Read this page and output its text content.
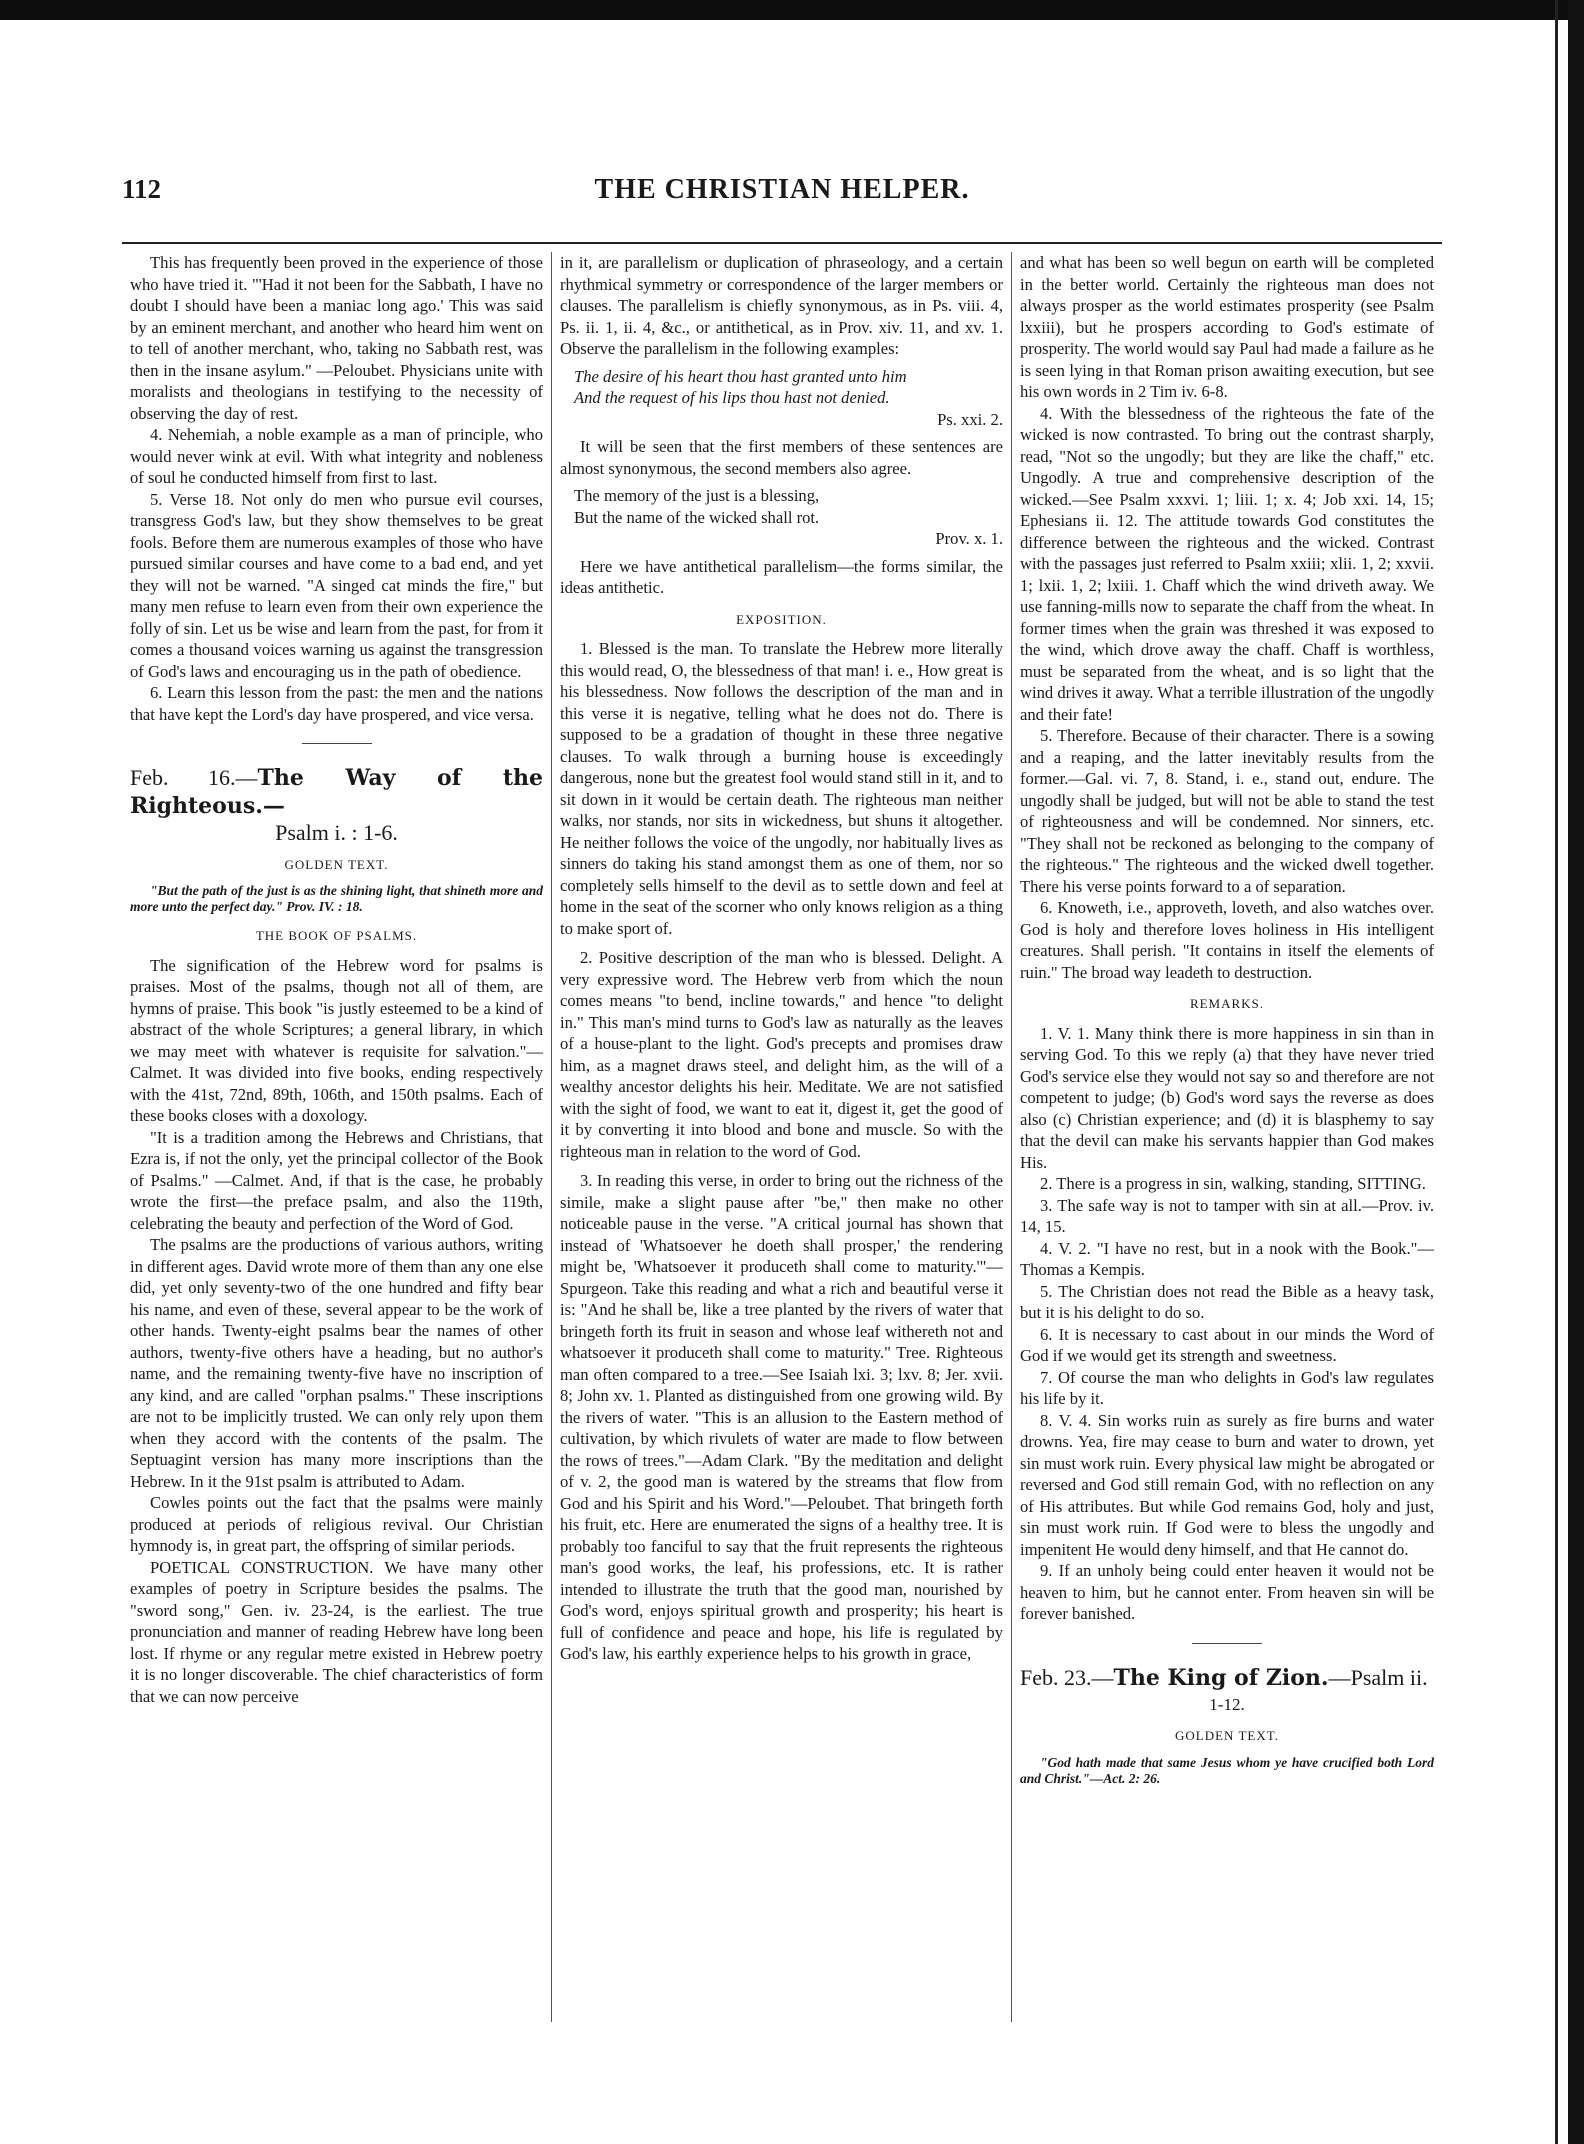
112	THE CHRISTIAN HELPER.

This has frequently been proved in the experience of those who have tried it. "'Had it not been for the Sabbath, I have no doubt I should have been a maniac long ago.' This was said by an eminent merchant, and another who heard him went on to tell of another merchant, who, taking no Sabbath rest, was then in the insane asylum." —Peloubet. Physicians unite with moralists and theologians in testifying to the necessity of observing the day of rest.

4. Nehemiah, a noble example as a man of principle, who would never wink at evil. With what integrity and nobleness of soul he conducted himself from first to last.

5. Verse 18. Not only do men who pursue evil courses, transgress God's law, but they show themselves to be great fools. Before them are numerous examples of those who have pursued similar courses and have come to a bad end, and yet they will not be warned. "A singed cat minds the fire," but many men refuse to learn even from their own experience the folly of sin. Let us be wise and learn from the past, for from it comes a thousand voices warning us against the transgression of God's laws and encouraging us in the path of obedience.

6. Learn this lesson from the past: the men and the nations that have kept the Lord's day have prospered, and vice versa.

Feb. 16.—The Way of the Righteous.—

Psalm i. : 1-6.
GOLDEN TEXT.

"But the path of the just is as the shining light, that shineth more and more unto the perfect day." Prov. IV. : 18.

THE BOOK OF PSALMS.

The signification of the Hebrew word for psalms is praises. Most of the psalms, though not all of them, are hymns of praise. This book "is justly esteemed to be a kind of abstract of the whole Scriptures; a general library, in which we may meet with whatever is requisite for salvation."—Calmet. It was divided into five books, ending respectively with the 41st, 72nd, 89th, 106th, and 150th psalms. Each of these books closes with a doxology.

"It is a tradition among the Hebrews and Christians, that Ezra is, if not the only, yet the principal collector of the Book of Psalms." —Calmet. And, if that is the case, he probably wrote the first—the preface psalm, and also the 119th, celebrating the beauty and perfection of the Word of God.

The psalms are the productions of various authors, writing in different ages. David wrote more of them than any one else did, yet only seventy-two of the one hundred and fifty bear his name, and even of these, several appear to be the work of other hands. Twenty-eight psalms bear the names of other authors, twenty-five others have a heading, but no author's name, and the remaining twenty-five have no inscription of any kind, and are called "orphan psalms." These inscriptions are not to be implicitly trusted. We can only rely upon them when they accord with the contents of the psalm. The Septuagint version has many more inscriptions than the Hebrew. In it the 91st psalm is attributed to Adam.

Cowles points out the fact that the psalms were mainly produced at periods of religious revival. Our Christian hymnody is, in great part, the offspring of similar periods.

POETICAL CONSTRUCTION. We have many other examples of poetry in Scripture besides the psalms. The "sword song," Gen. iv. 23-24, is the earliest. The true pronunciation and manner of reading Hebrew have long been lost. If rhyme or any regular metre existed in Hebrew poetry it is no longer discoverable. The chief characteristics of form that we can now perceive

in it, are parallelism or duplication of phraseology, and a certain rhythmical symmetry or correspondence of the larger members or clauses. The parallelism is chiefly synonymous, as in Ps. viii. 4, Ps. ii. 1, ii. 4, &c., or antithetical, as in Prov. xiv. 11, and xv. 1. Observe the parallelism in the following examples:

The desire of his heart thou hast granted unto him
And the request of his lips thou hast not denied.
Ps. xxi. 2.

It will be seen that the first members of these sentences are almost synonymous, the second members also agree.

The memory of the just is a blessing,
But the name of the wicked shall rot.
Prov. x. 1.

Here we have antithetical parallelism—the forms similar, the ideas antithetic.

EXPOSITION.

1. Blessed is the man. To translate the Hebrew more literally this would read, O, the blessedness of that man! i. e., How great is his blessedness. Now follows the description of the man and in this verse it is negative, telling what he does not do. There is supposed to be a gradation of thought in these three negative clauses. To walk through a burning house is exceedingly dangerous, none but the greatest fool would stand still in it, and to sit down in it would be certain death. The righteous man neither walks, nor stands, nor sits in wickedness, but shuns it altogether. He neither follows the voice of the ungodly, nor habitually lives as sinners do taking his stand amongst them as one of them, nor so completely sells himself to the devil as to settle down and feel at home in the seat of the scorner who only knows religion as a thing to make sport of.

2. Positive description of the man who is blessed. Delight. A very expressive word. The Hebrew verb from which the noun comes means "to bend, incline towards," and hence "to delight in." This man's mind turns to God's law as naturally as the leaves of a house-plant to the light. God's precepts and promises draw him, as a magnet draws steel, and delight him, as the will of a wealthy ancestor delights his heir. Meditate. We are not satisfied with the sight of food, we want to eat it, digest it, get the good of it by converting it into blood and bone and muscle. So with the righteous man in relation to the word of God.

3. In reading this verse, in order to bring out the richness of the simile, make a slight pause after "be," then make no other noticeable pause in the verse. "A critical journal has shown that instead of 'Whatsoever he doeth shall prosper,' the rendering might be, 'Whatsoever it produceth shall come to maturity.'"—Spurgeon. Take this reading and what a rich and beautiful verse it is: "And he shall be, like a tree planted by the rivers of water that bringeth forth its fruit in season and whose leaf withereth not and whatsoever it produceth shall come to maturity." Tree. Righteous man often compared to a tree.—See Isaiah lxi. 3; lxv. 8; Jer. xvii. 8; John xv. 1. Planted as distinguished from one growing wild. By the rivers of water. "This is an allusion to the Eastern method of cultivation, by which rivulets of water are made to flow between the rows of trees."—Adam Clark. "By the meditation and delight of v. 2, the good man is watered by the streams that flow from God and his Spirit and his Word."—Peloubet. That bringeth forth his fruit, etc. Here are enumerated the signs of a healthy tree. It is probably too fanciful to say that the fruit represents the righteous man's good works, the leaf, his professions, etc. It is rather intended to illustrate the truth that the good man, nourished by God's word, enjoys spiritual growth and prosperity; his heart is full of confidence and peace and hope, his life is regulated by God's law, his earthly experience helps to his growth in grace,

and what has been so well begun on earth will be completed in the better world. Certainly the righteous man does not always prosper as the world estimates prosperity (see Psalm lxxiii), but he prospers according to God's estimate of prosperity. The world would say Paul had made a failure as he is seen lying in that Roman prison awaiting execution, but see his own words in 2 Tim iv. 6-8.

4. With the blessedness of the righteous the fate of the wicked is now contrasted. To bring out the contrast sharply, read, "Not so the ungodly; but they are like the chaff," etc. Ungodly. A true and comprehensive description of the wicked.—See Psalm xxxvi. 1; liii. 1; x. 4; Job xxi. 14, 15; Ephesians ii. 12. The attitude towards God constitutes the difference between the righteous and the wicked. Contrast with the passages just referred to Psalm xxiii; xlii. 1, 2; xxvii. 1; lxii. 1, 2; lxiii. 1. Chaff which the wind driveth away. We use fanning-mills now to separate the chaff from the wheat. In former times when the grain was threshed it was exposed to the wind, which drove away the chaff. Chaff is worthless, must be separated from the wheat, and is so light that the wind drives it away. What a terrible illustration of the ungodly and their fate!

5. Therefore. Because of their character. There is a sowing and a reaping, and the latter inevitably results from the former.—Gal. vi. 7, 8. Stand, i. e., stand out, endure. The ungodly shall be judged, but will not be able to stand the test of righteousness and will be condemned. Nor sinners, etc. "They shall not be reckoned as belonging to the company of the righteous." The righteous and the wicked dwell together. There his verse points forward to a of separation.

6. Knoweth, i.e., approveth, loveth, and also watches over. God is holy and therefore loves holiness in His intelligent creatures. Shall perish. "It contains in itself the elements of ruin." The broad way leadeth to destruction.

REMARKS.

1. V. 1. Many think there is more happiness in sin than in serving God. To this we reply (a) that they have never tried God's service else they would not say so and therefore are not competent to judge; (b) God's word says the reverse as does also (c) Christian experience; and (d) it is blasphemy to say that the devil can make his servants happier than God makes His.

2. There is a progress in sin, walking, standing, SITTING.

3. The safe way is not to tamper with sin at all.—Prov. iv. 14, 15.

4. V. 2. "I have no rest, but in a nook with the Book."—Thomas a Kempis.

5. The Christian does not read the Bible as a heavy task, but it is his delight to do so.

6. It is necessary to cast about in our minds the Word of God if we would get its strength and sweetness.

7. Of course the man who delights in God's law regulates his life by it.

8. V. 4. Sin works ruin as surely as fire burns and water drowns. Yea, fire may cease to burn and water to drown, yet sin must work ruin. Every physical law might be abrogated or reversed and God still remain God, with no reflection on any of His attributes. But while God remains God, holy and just, sin must work ruin. If God were to bless the ungodly and impenitent He would deny himself, and that He cannot do.

9. If an unholy being could enter heaven it would not be heaven to him, but he cannot enter. From heaven sin will be forever banished.

Feb. 23.—The King of Zion.—Psalm ii.

1-12.
GOLDEN TEXT.

"God hath made that same Jesus whom ye have crucified both Lord and Christ."—Act. 2: 26.
